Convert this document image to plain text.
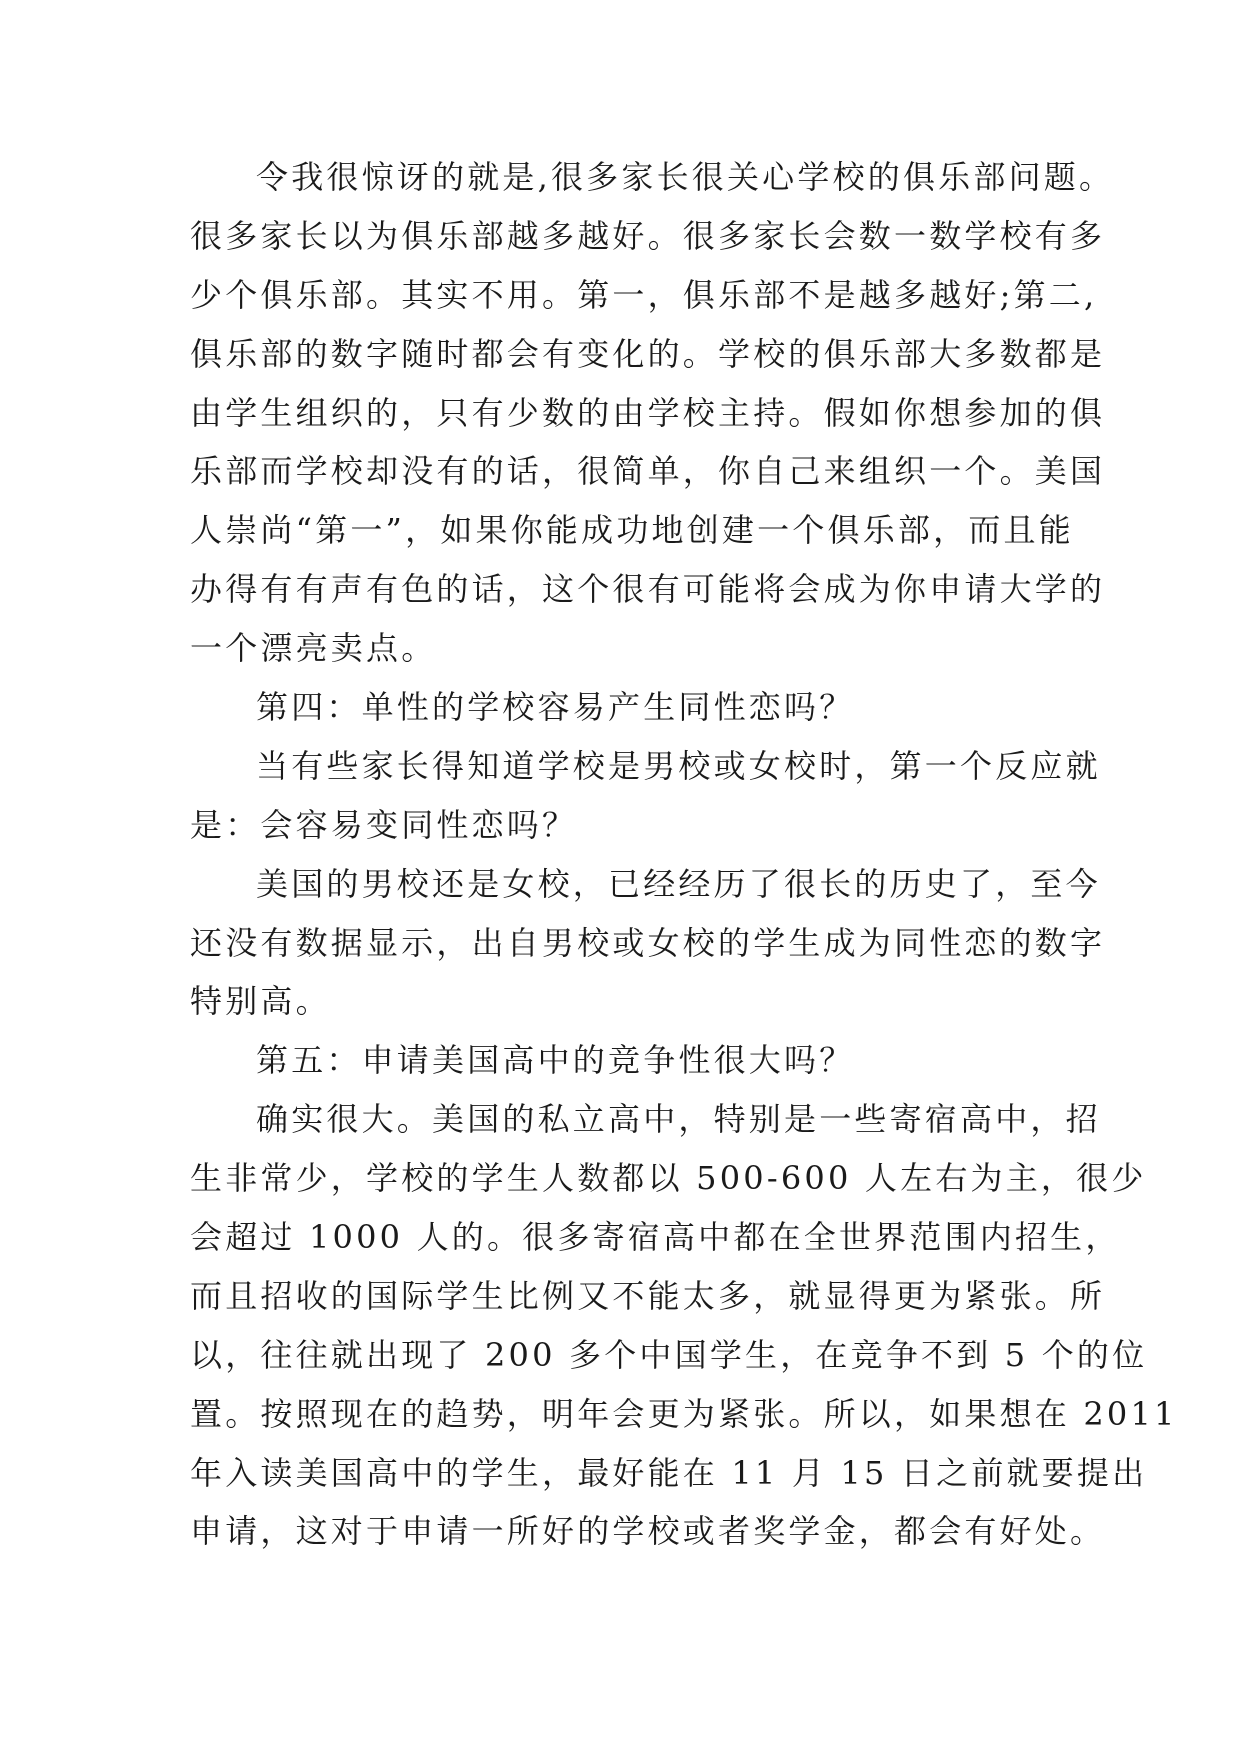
令我很惊讶的就是,很多家长很关心学校的俱乐部问题。
很多家长以为俱乐部越多越好。很多家长会数一数学校有多
少个俱乐部。其实不用。第一，俱乐部不是越多越好;第二,
俱乐部的数字随时都会有变化的。学校的俱乐部大多数都是
由学生组织的，只有少数的由学校主持。假如你想参加的俱
乐部而学校却没有的话，很简单，你自己来组织一个。美国
人崇尚“第一”，如果你能成功地创建一个俱乐部，而且能
办得有有声有色的话，这个很有可能将会成为你申请大学的
一个漂亮卖点。
第四：单性的学校容易产生同性恋吗？
当有些家长得知道学校是男校或女校时，第一个反应就
是：会容易变同性恋吗？
美国的男校还是女校，已经经历了很长的历史了，至今
还没有数据显示，出自男校或女校的学生成为同性恋的数字
特别高。
第五：申请美国高中的竞争性很大吗？
确实很大。美国的私立高中，特别是一些寄宿高中，招
生非常少，学校的学生人数都以 500-600 人左右为主，很少
会超过 1000 人的。很多寄宿高中都在全世界范围内招生，
而且招收的国际学生比例又不能太多，就显得更为紧张。所
以，往往就出现了 200 多个中国学生，在竞争不到 5 个的位
置。按照现在的趋势，明年会更为紧张。所以，如果想在 2011
年入读美国高中的学生，最好能在 11 月 15 日之前就要提出
申请，这对于申请一所好的学校或者奖学金，都会有好处。
